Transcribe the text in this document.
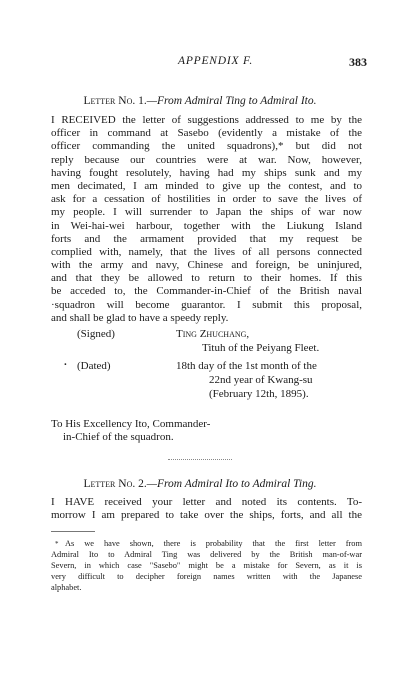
APPENDIX F.	383
Letter No. 1.—From Admiral Ting to Admiral Ito.
I RECEIVED the letter of suggestions addressed to me by the
officer in command at Sasebo (evidently a mistake of the
officer commanding the united squadrons),* but did not
reply because our countries were at war. Now, however,
having fought resolutely, having had my ships sunk and my
men decimated, I am minded to give up the contest, and to
ask for a cessation of hostilities in order to save the lives of
my people. I will surrender to Japan the ships of war now
in Wei-hai-wei harbour, together with the Liukung Island
forts and the armament provided that my request be
complied with, namely, that the lives of all persons connected
with the army and navy, Chinese and foreign, be uninjured,
and that they be allowed to return to their homes. If this
be acceded to, the Commander-in-Chief of the British naval
·squadron will become guarantor. I submit this proposal,
and shall be glad to have a speedy reply.
(Signed)	Ting Zhuchang,
Tituh of the Peiyang Fleet.
. (Dated)	18th day of the 1st month of the
22nd year of Kwang-su
(February 12th, 1895).
To His Excellency Ito, Commander-
in-Chief of the squadron.
Letter No. 2.—From Admiral Ito to Admiral Ting.
I HAVE received your letter and noted its contents. To-
morrow I am prepared to take over the ships, forts, and all the
As we have shown, there is probability that the first letter from
Admiral Ito to Admiral Ting was delivered by the British man-of-war
Severn, in which case "Sasebo" might be a mistake for Severn, as it is
very difficult to decipher foreign names written with the Japanese
alphabet.
*
